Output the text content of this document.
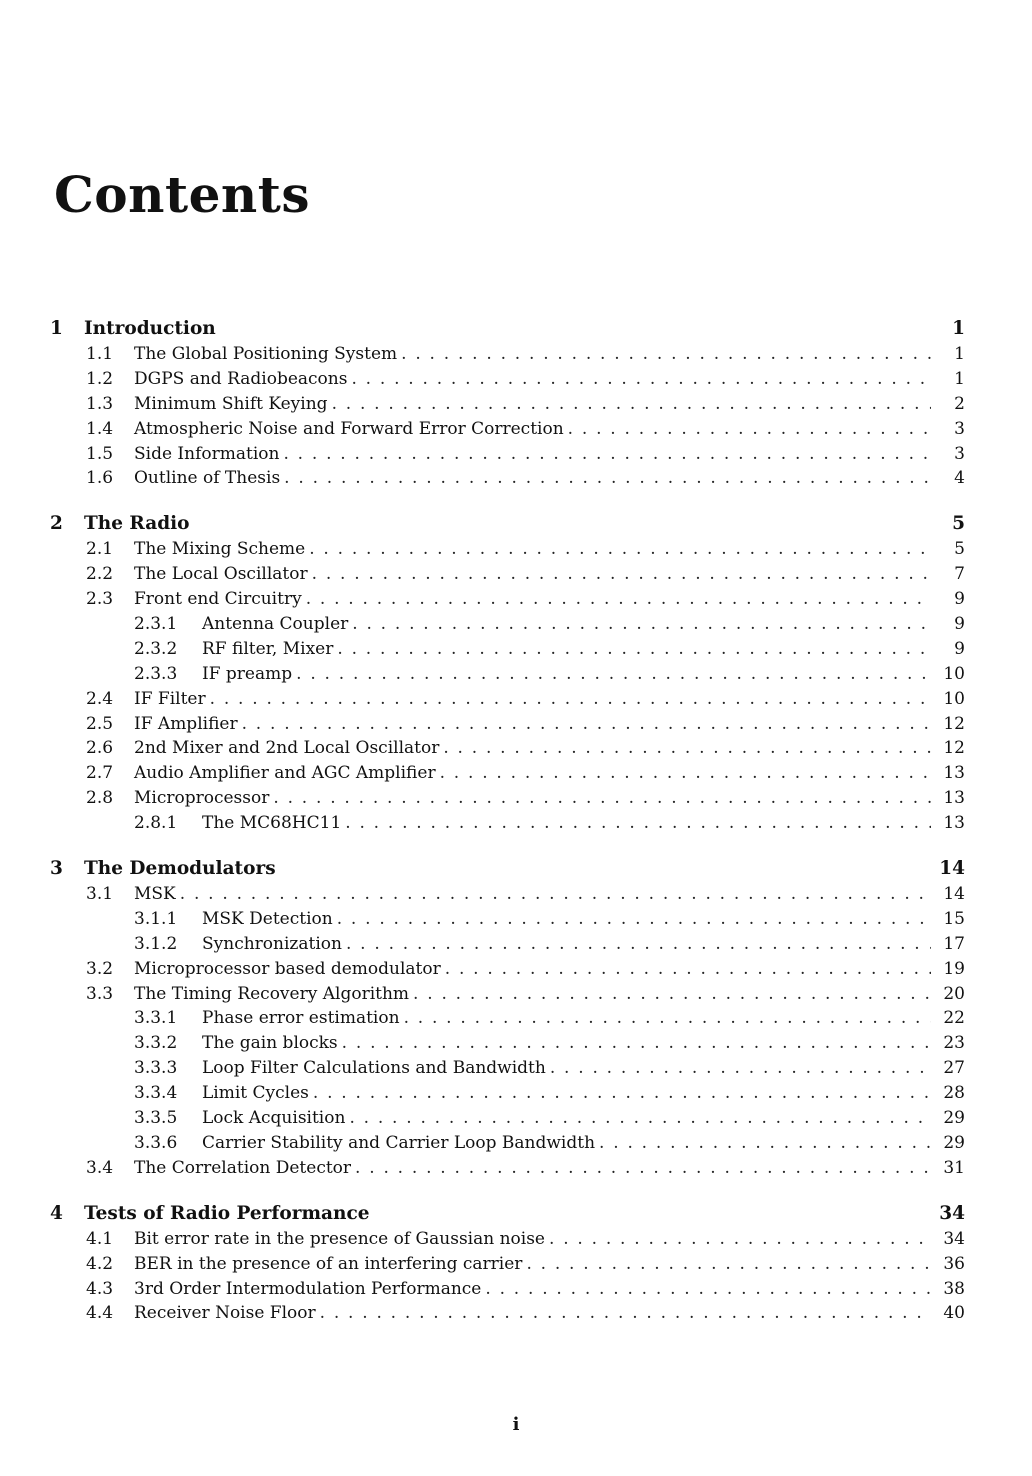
Contents
1	Introduction	1
1.1	The Global Positioning System . . .	1
1.2	DGPS and Radiobeacons . . .	1
1.3	Minimum Shift Keying . . .	2
1.4	Atmospheric Noise and Forward Error Correction . . .	3
1.5	Side Information . . .	3
1.6	Outline of Thesis . . .	4
2	The Radio	5
2.1	The Mixing Scheme . . .	5
2.2	The Local Oscillator . . .	7
2.3	Front end Circuitry . . .	9
2.3.1	Antenna Coupler . . .	9
2.3.2	RF filter, Mixer . . .	9
2.3.3	IF preamp . . .	10
2.4	IF Filter . . .	10
2.5	IF Amplifier . . .	12
2.6	2nd Mixer and 2nd Local Oscillator . . .	12
2.7	Audio Amplifier and AGC Amplifier . . .	13
2.8	Microprocessor . . .	13
2.8.1	The MC68HC11 . . .	13
3	The Demodulators	14
3.1	MSK . . .	14
3.1.1	MSK Detection . . .	15
3.1.2	Synchronization . . .	17
3.2	Microprocessor based demodulator . . .	19
3.3	The Timing Recovery Algorithm . . .	20
3.3.1	Phase error estimation . . .	22
3.3.2	The gain blocks . . .	23
3.3.3	Loop Filter Calculations and Bandwidth . . .	27
3.3.4	Limit Cycles . . .	28
3.3.5	Lock Acquisition . . .	29
3.3.6	Carrier Stability and Carrier Loop Bandwidth . . .	29
3.4	The Correlation Detector . . .	31
4	Tests of Radio Performance	34
4.1	Bit error rate in the presence of Gaussian noise . . .	34
4.2	BER in the presence of an interfering carrier . . .	36
4.3	3rd Order Intermodulation Performance . . .	38
4.4	Receiver Noise Floor . . .	40
i
